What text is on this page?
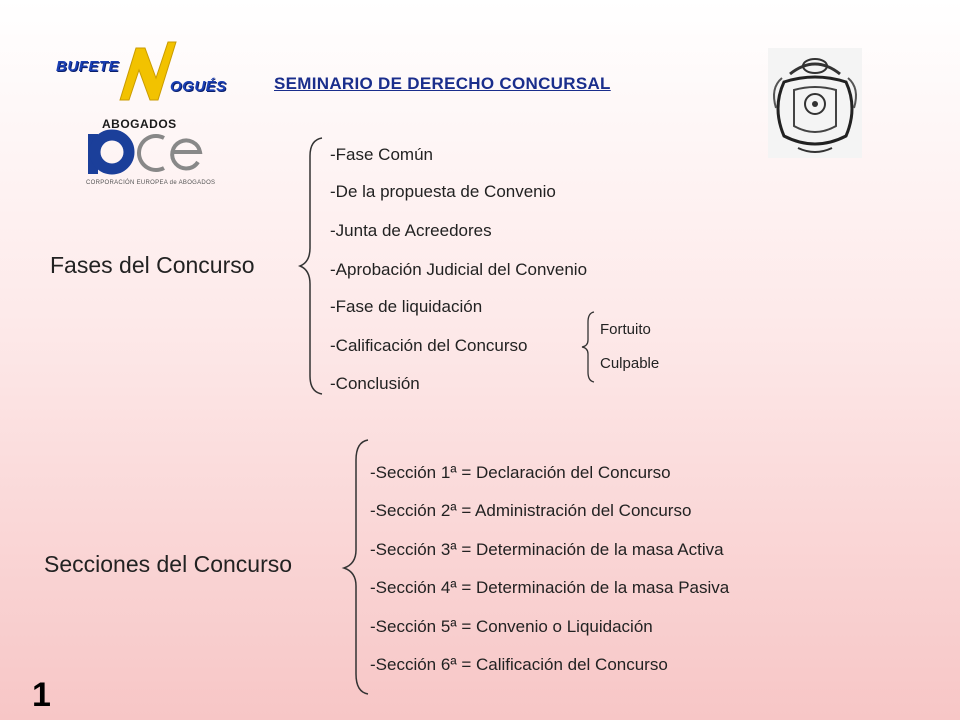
BUFETE
OGUÉS
ABOGADOS
CORPORACIÓN EUROPEA de ABOGADOS
SEMINARIO DE DERECHO CONCURSAL
Fases del Concurso
-Fase Común
-De la propuesta de Convenio
-Junta de Acreedores
-Aprobación Judicial del Convenio
-Fase de liquidación
-Calificación del Concurso
-Conclusión
Fortuito
Culpable
Secciones del Concurso
-Sección 1ª = Declaración del Concurso
-Sección 2ª = Administración del Concurso
-Sección 3ª = Determinación de la masa Activa
-Sección 4ª = Determinación de la masa Pasiva
-Sección 5ª = Convenio o Liquidación
-Sección 6ª = Calificación del Concurso
1
